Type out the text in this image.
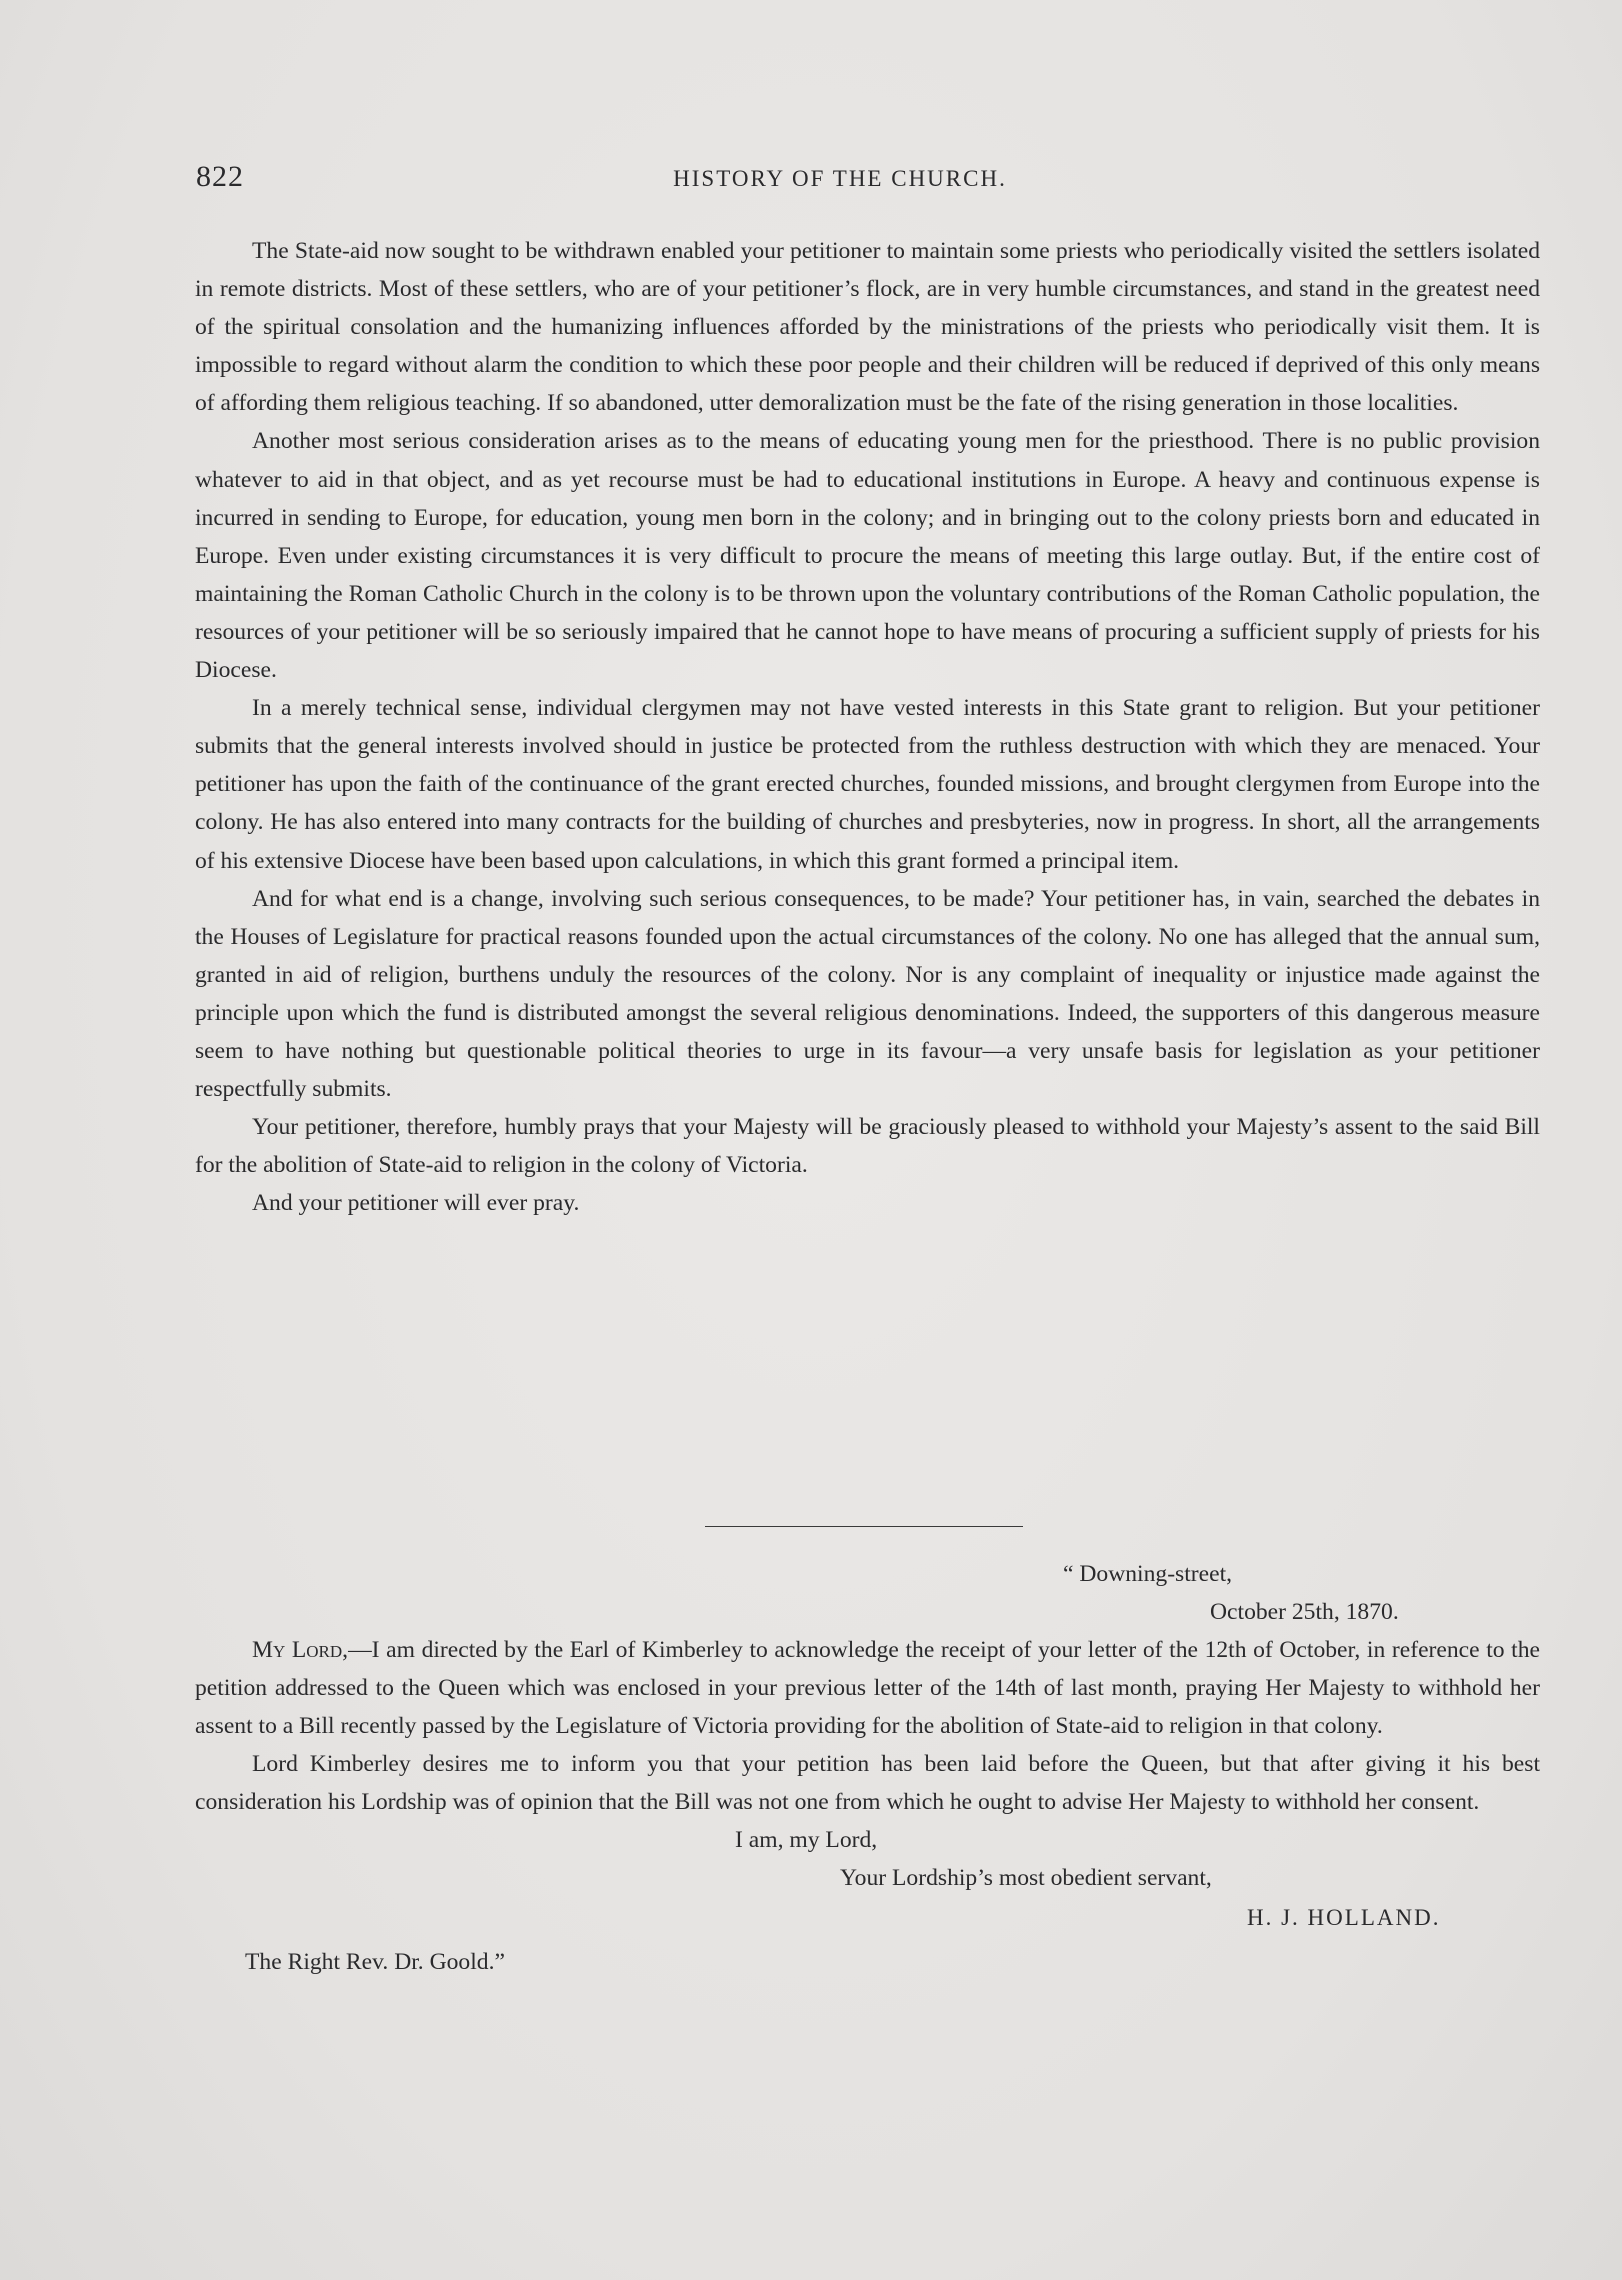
822	HISTORY OF THE CHURCH.

The State-aid now sought to be withdrawn enabled your petitioner to maintain some priests who periodically visited the settlers isolated in remote districts. Most of these settlers, who are of your petitioner’s flock, are in very humble circumstances, and stand in the greatest need of the spiritual consolation and the humanizing influences afforded by the ministrations of the priests who periodically visit them. It is impossible to regard without alarm the condition to which these poor people and their children will be reduced if deprived of this only means of affording them religious teaching. If so abandoned, utter demoralization must be the fate of the rising generation in those localities.

Another most serious consideration arises as to the means of educating young men for the priesthood. There is no public provision whatever to aid in that object, and as yet recourse must be had to educational institutions in Europe. A heavy and continuous expense is incurred in sending to Europe, for education, young men born in the colony; and in bringing out to the colony priests born and educated in Europe. Even under existing circumstances it is very difficult to procure the means of meeting this large outlay. But, if the entire cost of maintaining the Roman Catholic Church in the colony is to be thrown upon the voluntary contributions of the Roman Catholic population, the resources of your petitioner will be so seriously impaired that he cannot hope to have means of procuring a sufficient supply of priests for his Diocese.

In a merely technical sense, individual clergymen may not have vested interests in this State grant to religion. But your petitioner submits that the general interests involved should in justice be protected from the ruthless destruction with which they are menaced. Your petitioner has upon the faith of the continuance of the grant erected churches, founded missions, and brought clergymen from Europe into the colony. He has also entered into many contracts for the building of churches and presbyteries, now in progress. In short, all the arrangements of his extensive Diocese have been based upon calculations, in which this grant formed a principal item.

And for what end is a change, involving such serious consequences, to be made? Your petitioner has, in vain, searched the debates in the Houses of Legislature for practical reasons founded upon the actual circumstances of the colony. No one has alleged that the annual sum, granted in aid of religion, burthens unduly the resources of the colony. Nor is any complaint of inequality or injustice made against the principle upon which the fund is distributed amongst the several religious denominations. Indeed, the supporters of this dangerous measure seem to have nothing but questionable political theories to urge in its favour—a very unsafe basis for legislation as your petitioner respectfully submits.

Your petitioner, therefore, humbly prays that your Majesty will be graciously pleased to withhold your Majesty’s assent to the said Bill for the abolition of State-aid to religion in the colony of Victoria.

And your petitioner will ever pray.

“ Downing-street,
October 25th, 1870.

My Lord,—I am directed by the Earl of Kimberley to acknowledge the receipt of your letter of the 12th of October, in reference to the petition addressed to the Queen which was enclosed in your previous letter of the 14th of last month, praying Her Majesty to withhold her assent to a Bill recently passed by the Legislature of Victoria providing for the abolition of State-aid to religion in that colony.

Lord Kimberley desires me to inform you that your petition has been laid before the Queen, but that after giving it his best consideration his Lordship was of opinion that the Bill was not one from which he ought to advise Her Majesty to withhold her consent.

I am, my Lord,
Your Lordship’s most obedient servant,
H. J. HOLLAND.
The Right Rev. Dr. Goold.”
